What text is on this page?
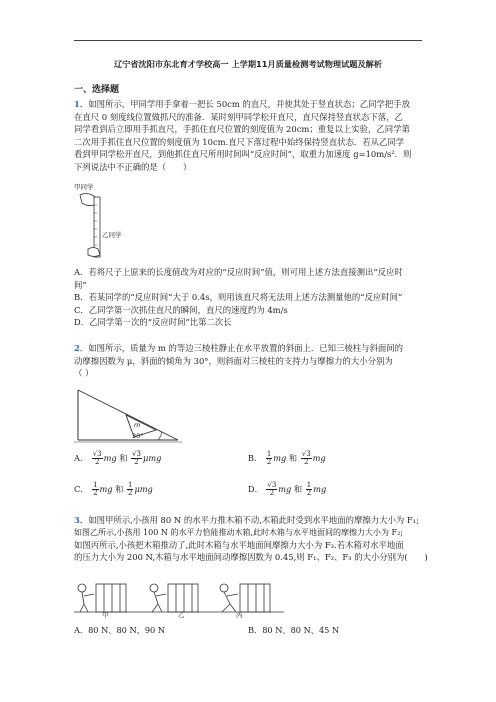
辽宁省沈阳市东北育才学校高一 上学期11月质量检测考试物理试题及解析
一、选择题
1．如图所示，甲同学用手拿着一把长 50cm 的直尺，并使其处于竖直状态；乙同学把手放
在直尺 0 刻度线位置做抓尺的准备．某时刻甲同学松开直尺，直尺保持竖直状态下落，乙
同学看到后立即用手抓直尺，手抓住直尺位置的刻度值为 20cm；重复以上实验，乙同学第
二次用手抓住直尺位置的刻度值为 10cm.直尺下落过程中始终保持竖直状态．若从乙同学
看到甲同学松开直尺，到他抓住直尺所用时间叫“反应时间”，取重力加速度 g=10m/s²．则
下列说法中不正确的是（　　）
甲同学
乙同学
A．若将尺子上原来的长度值改为对应的“反应时间”值，则可用上述方法直接测出“反应时
间”
B．若某同学的“反应时间”大于 0.4s，则用该直尺将无法用上述方法测量他的“反应时间”
C．乙同学第一次抓住直尺的瞬间，直尺的速度约为 4m/s
D．乙同学第一次的“反应时间”比第二次长
2．如图所示，质量为 m 的等边三棱柱静止在水平放置的斜面上．已知三棱柱与斜面间的
动摩擦因数为 μ，斜面的倾角为 30°，则斜面对三棱柱的支持力与摩擦力的大小分别为
（ ）
m
30°
A． $\frac{√3}{2}$ mg 和 $\frac{√3}{2}$ μmg	B． $\frac{1}{2}$ mg 和 $\frac{√3}{2}$ mg
C． $\frac{1}{2}$ mg 和 $\frac{1}{2}$ μmg	D． $\frac{√3}{2}$ mg 和 $\frac{1}{2}$ mg
3．如图甲所示,小孩用 80 N 的水平力推木箱不动,木箱此时受到水平地面的摩擦力大小为 F₁;
如图乙所示,小孩用 100 N 的水平力恰能推动木箱,此时木箱与水平地面间的摩擦力大小为 F₂;
如图丙所示,小孩把木箱推动了,此时木箱与水平地面间摩擦力大小为 F₃.若木箱对水平地面
的压力大小为 200 N,木箱与水平地面间动摩擦因数为 0.45,则 F₁、F₂、F₃ 的大小分别为(　　)
甲	乙	丙
A．80 N、80 N、90 N	B．80 N、80 N、45 N
